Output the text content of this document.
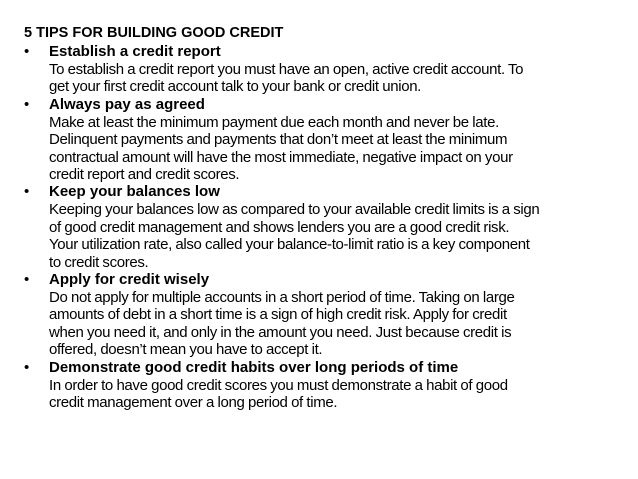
5 TIPS FOR BUILDING GOOD CREDIT
•	Establish a credit report
To establish a credit report you must have an open, active credit account. To
get your first credit account talk to your bank or credit union.
•	Always pay as agreed
Make at least the minimum payment due each month and never be late.
Delinquent payments and payments that don’t meet at least the minimum
contractual amount will have the most immediate, negative impact on your
credit report and credit scores.
•	Keep your balances low
Keeping your balances low as compared to your available credit limits is a sign
of good credit management and shows lenders you are a good credit risk.
Your utilization rate, also called your balance-to-limit ratio is a key component
to credit scores.
•	Apply for credit wisely
Do not apply for multiple accounts in a short period of time. Taking on large
amounts of debt in a short time is a sign of high credit risk. Apply for credit
when you need it, and only in the amount you need. Just because credit is
offered, doesn’t mean you have to accept it.
•	Demonstrate good credit habits over long periods of time
In order to have good credit scores you must demonstrate a habit of good
credit management over a long period of time.
